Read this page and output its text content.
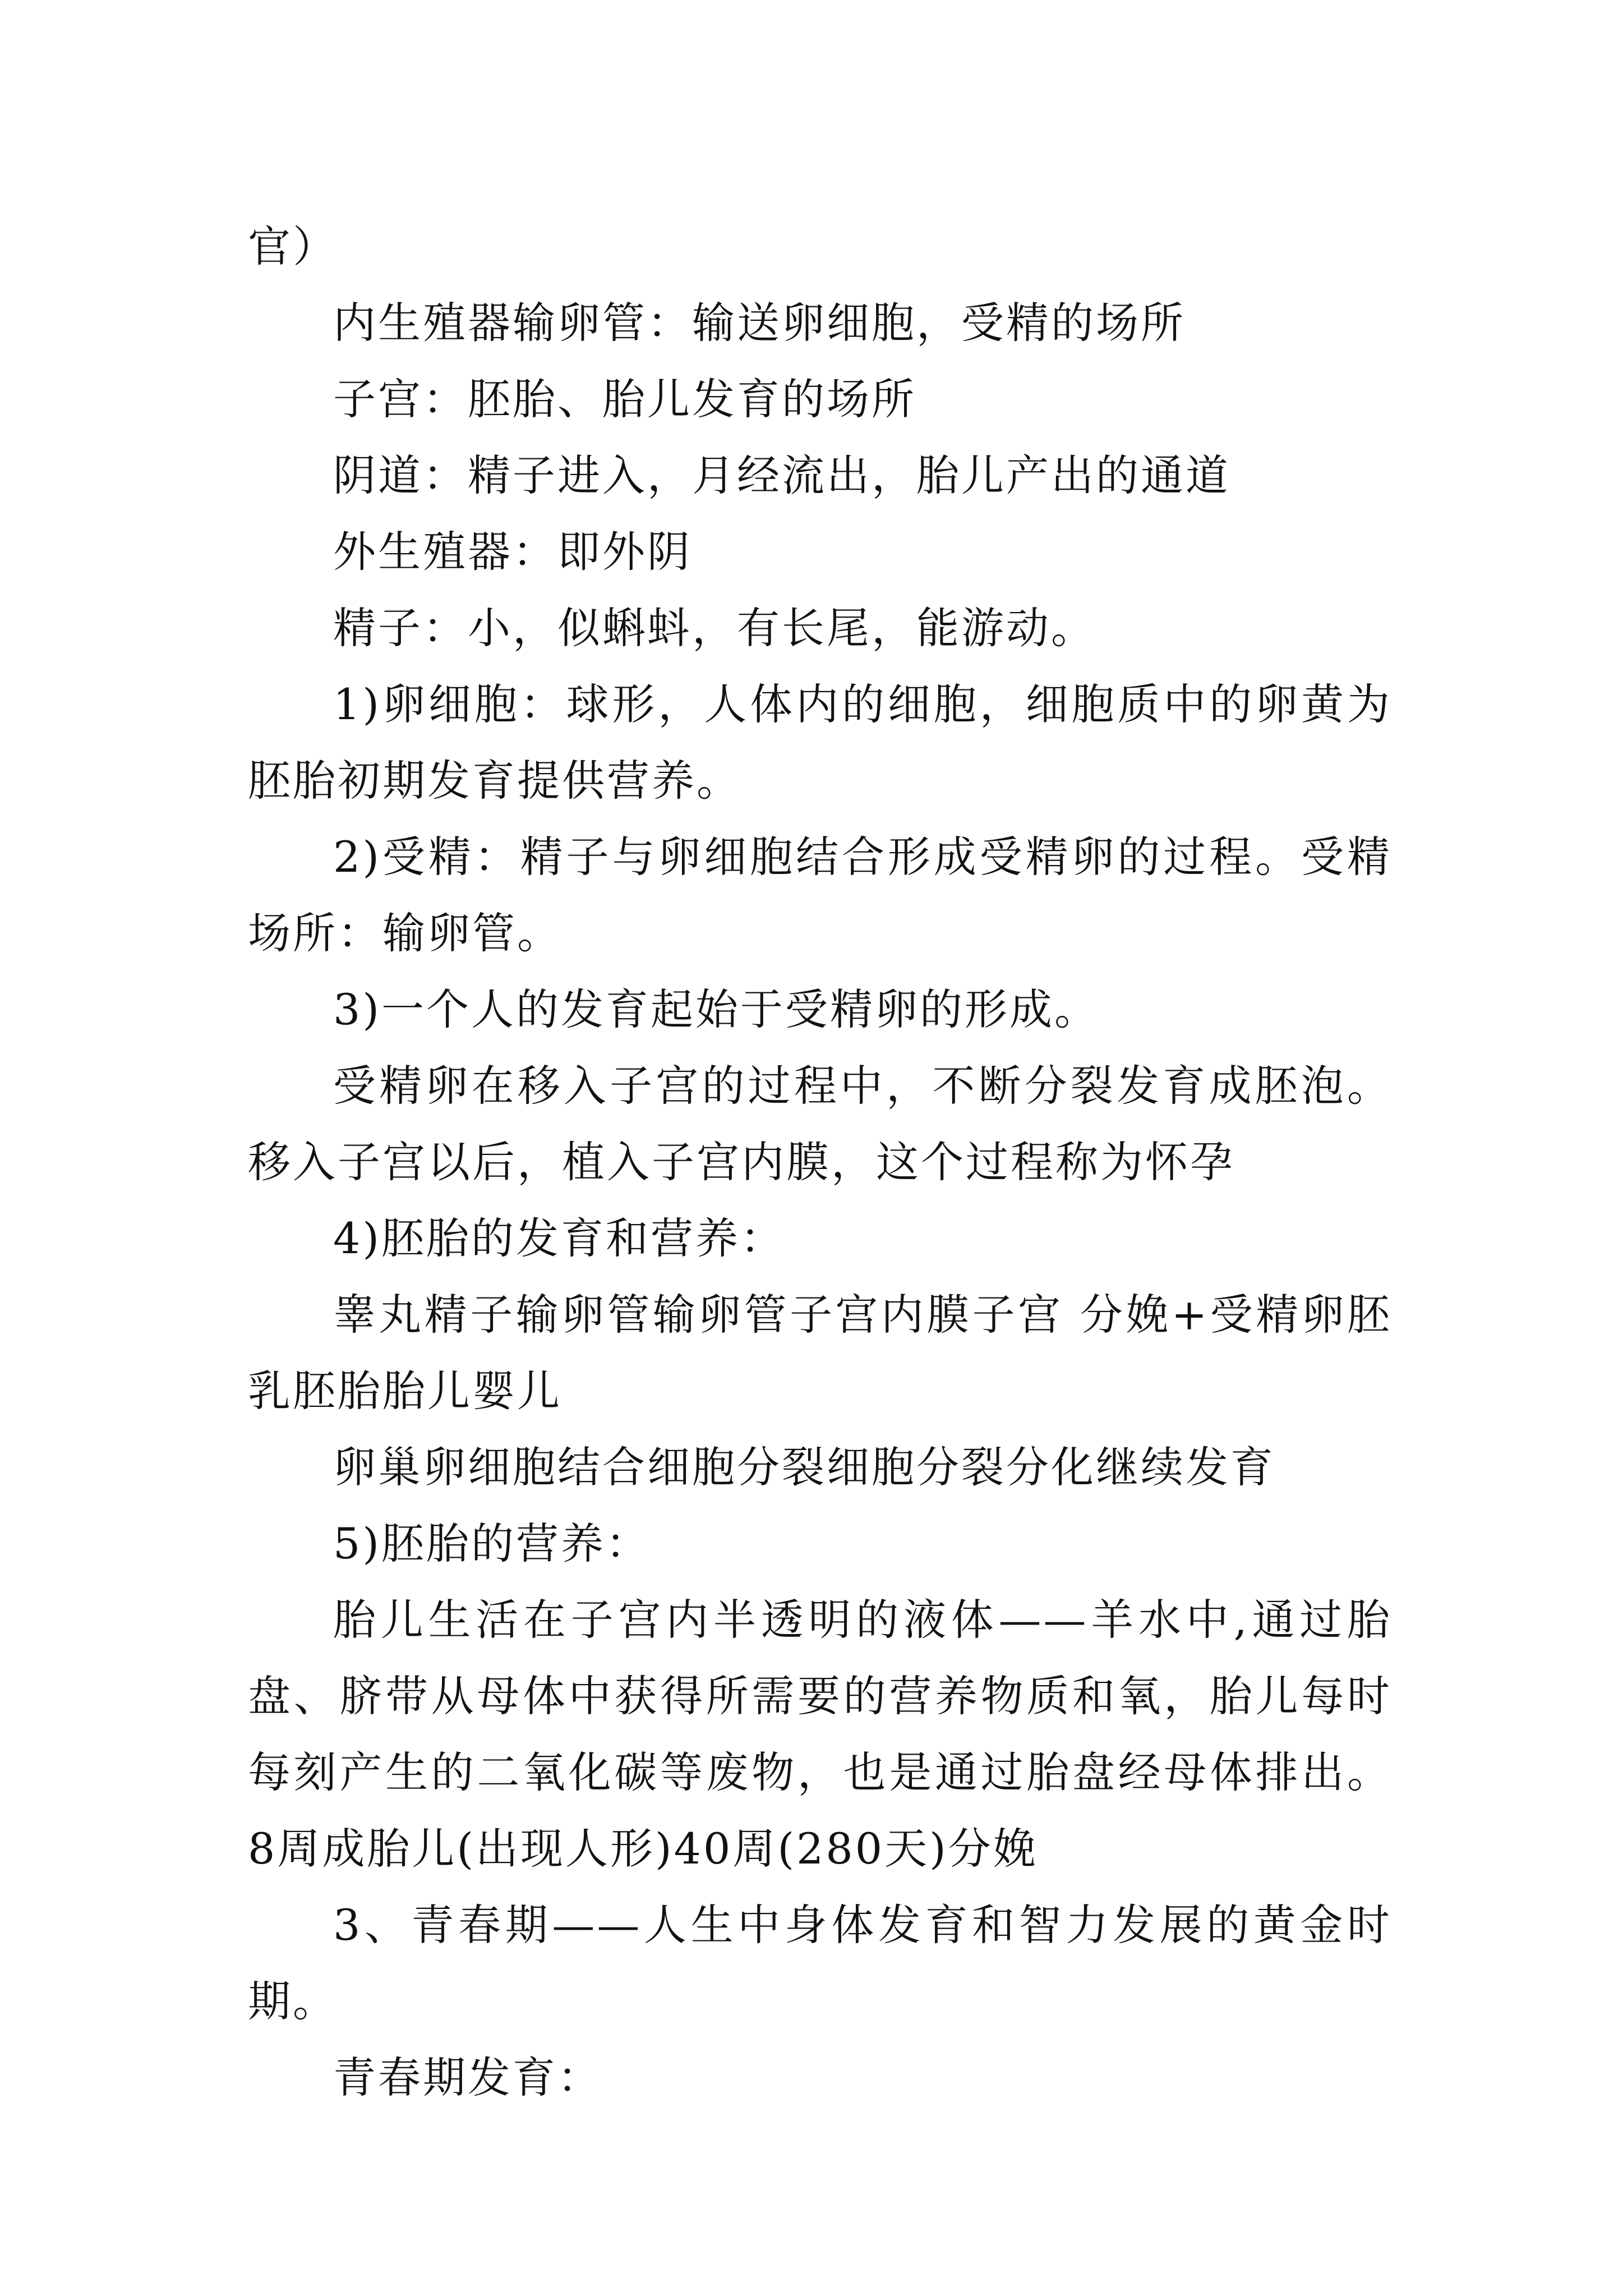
官）

内生殖器输卵管：输送卵细胞，受精的场所

子宫：胚胎、胎儿发育的场所

阴道：精子进入，月经流出，胎儿产出的通道

外生殖器：即外阴

精子：小，似蝌蚪，有长尾，能游动。

1)卵细胞：球形，人体内的细胞，细胞质中的卵黄为胚胎初期发育提供营养。

2)受精：精子与卵细胞结合形成受精卵的过程。受精场所：输卵管。

3)一个人的发育起始于受精卵的形成。

受精卵在移入子宫的过程中，不断分裂发育成胚泡。移入子宫以后，植入子宫内膜，这个过程称为怀孕

4)胚胎的发育和营养：

睾丸精子输卵管输卵管子宫内膜子宫 分娩+受精卵胚乳胚胎胎儿婴儿

卵巢卵细胞结合细胞分裂细胞分裂分化继续发育

5)胚胎的营养：

胎儿生活在子宫内半透明的液体——羊水中,通过胎盘、脐带从母体中获得所需要的营养物质和氧，胎儿每时每刻产生的二氧化碳等废物，也是通过胎盘经母体排出。8周成胎儿(出现人形)40周(280天)分娩

3、青春期——人生中身体发育和智力发展的黄金时期。

青春期发育：
